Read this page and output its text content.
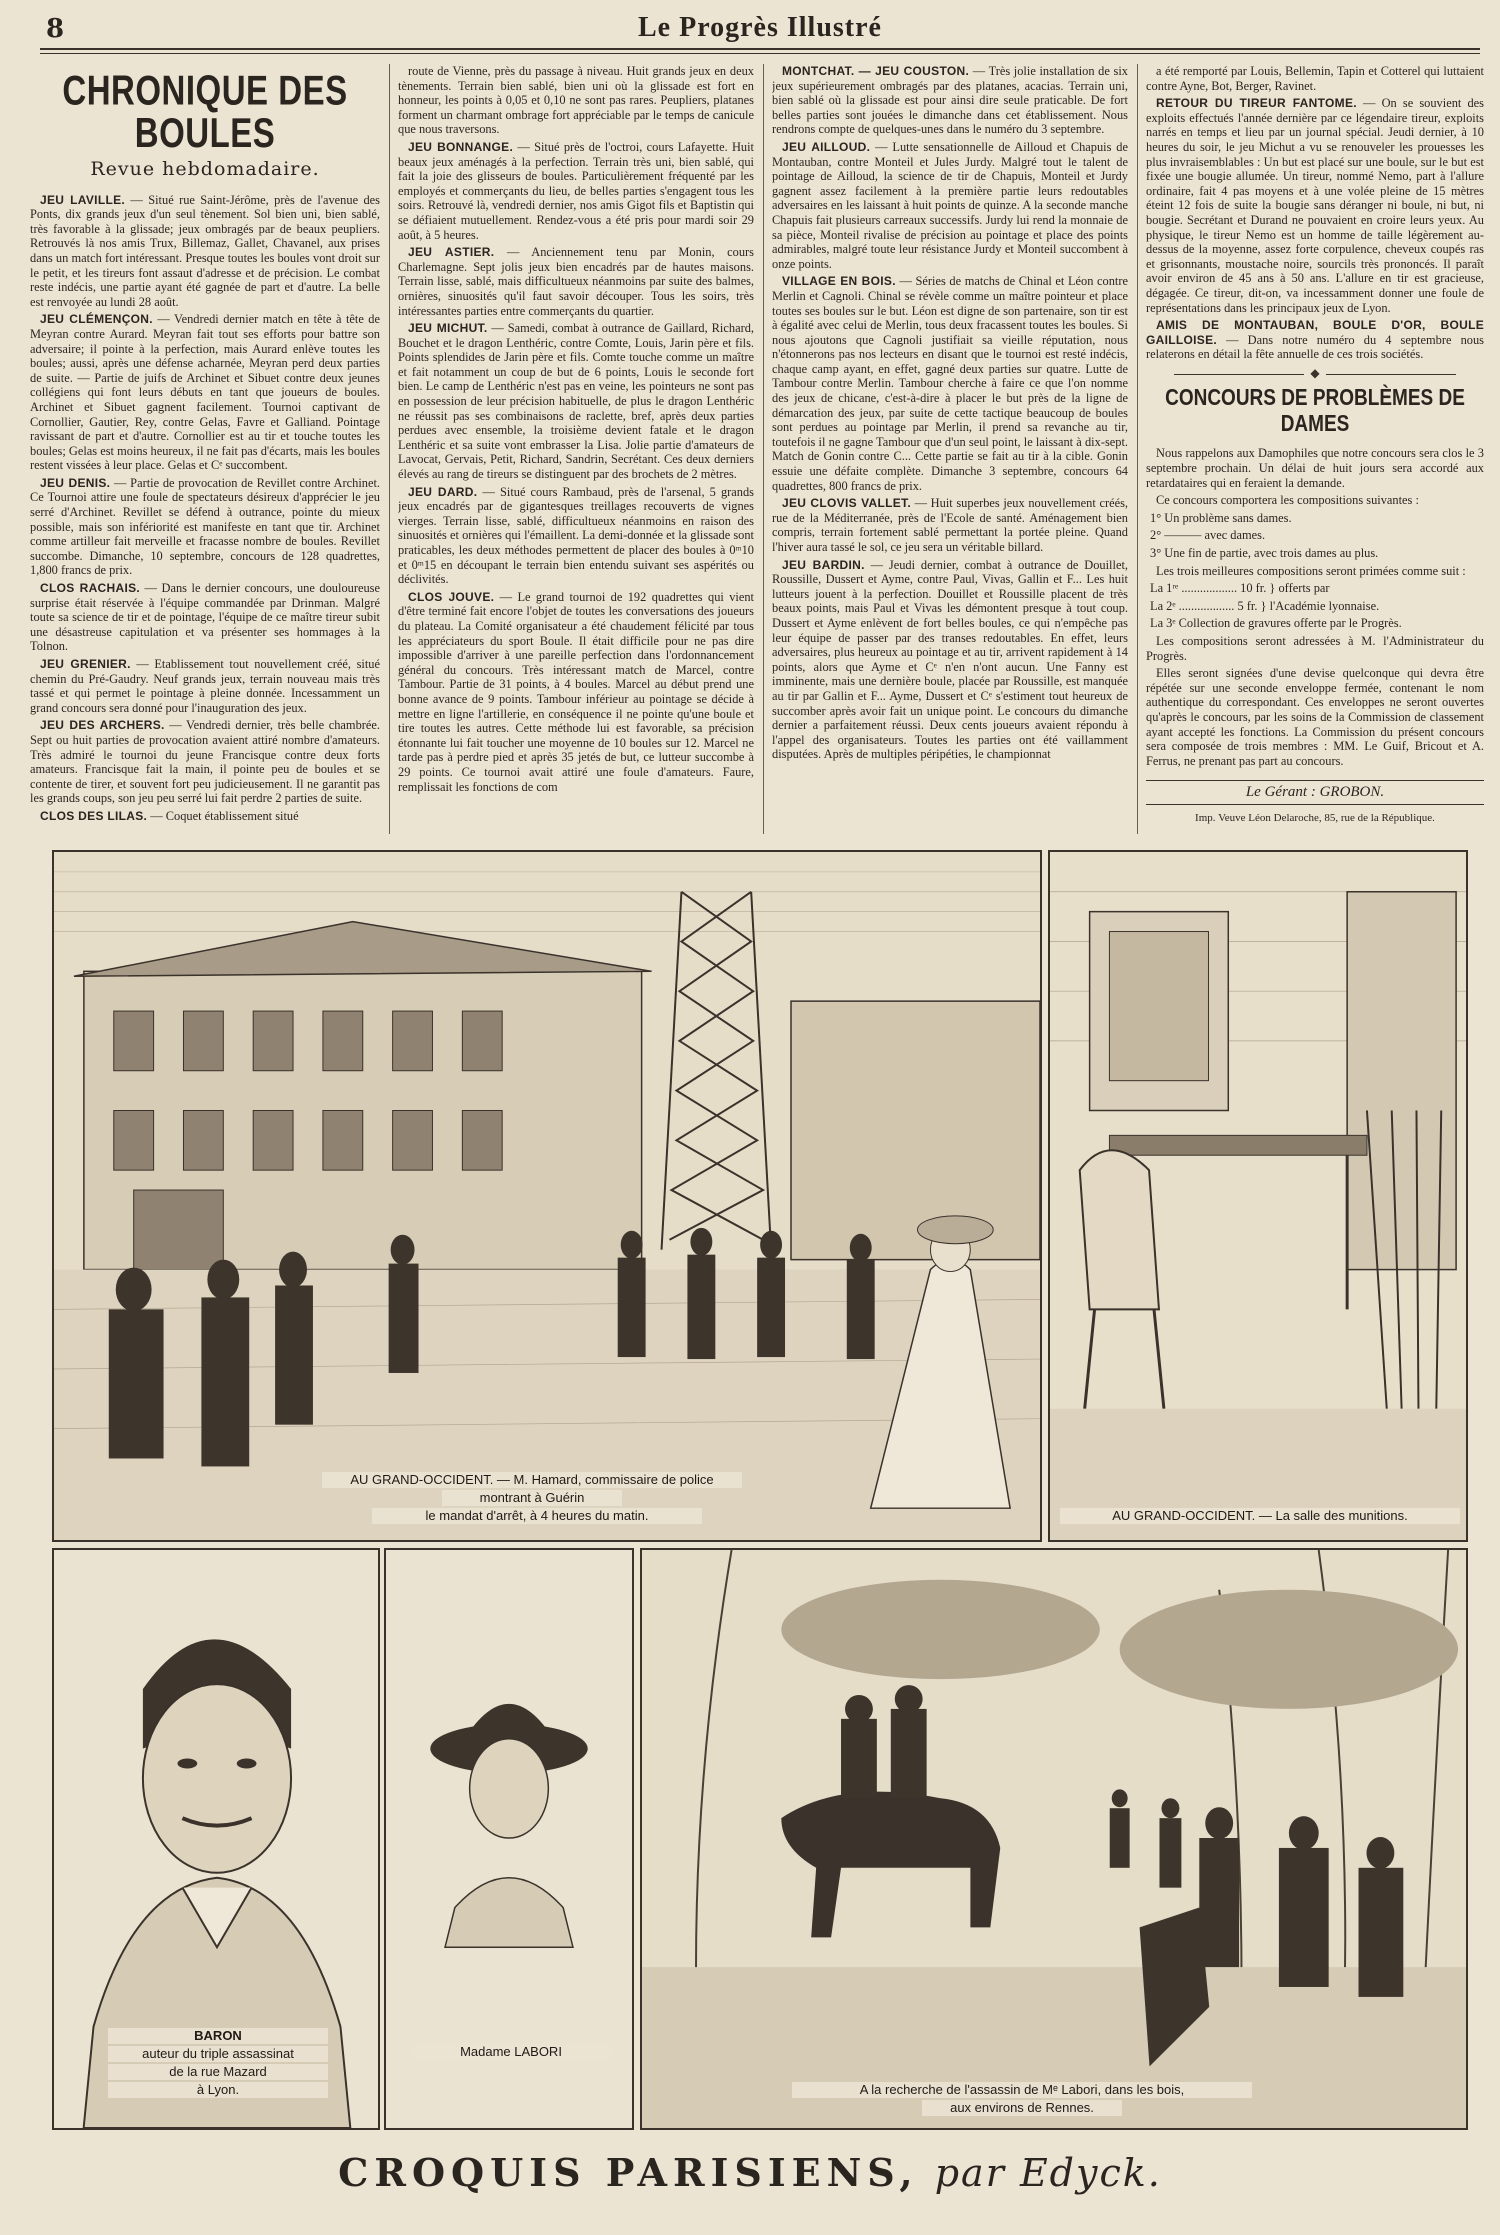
8	Le Progrès Illustré
CHRONIQUE DES BOULES
Revue hebdomadaire.

JEU LAVILLE. — Situé rue Saint-Jérôme, près de l'avenue des Ponts, dix grands jeux d'un seul tènement. Sol bien uni, bien sablé, très favorable à la glissade; jeux ombragés par de beaux peupliers. Retrouvés là nos amis Trux, Billemaz, Gallet, Chavanel, aux prises dans un match fort intéressant. Presque toutes les boules vont droit sur le petit, et les tireurs font assaut d'adresse et de précision. Le combat reste indécis, une partie ayant été gagnée de part et d'autre. La belle est renvoyée au lundi 28 août.

JEU CLÉMENÇON. — Vendredi dernier match en tête à tête de Meyran contre Aurard. Meyran fait tout ses efforts pour battre son adversaire; il pointe à la perfection, mais Aurard enlève toutes les boules; aussi, après une défense acharnée, Meyran perd deux parties de suite. — Partie de juifs de Archinet et Sibuet contre deux jeunes collégiens qui font leurs débuts en tant que joueurs de boules. Archinet et Sibuet gagnent facilement. Tournoi captivant de Cornollier, Gautier, Rey, contre Gelas, Favre et Galliand. Pointage ravissant de part et d'autre. Cornollier est au tir et touche toutes les boules; Gelas est moins heureux, il ne fait pas d'écarts, mais les boules restent vissées à leur place. Gelas et Cᵉ succombent.

JEU DENIS. — Partie de provocation de Revillet contre Archinet. Ce Tournoi attire une foule de spectateurs désireux d'apprécier le jeu serré d'Archinet. Revillet se défend à outrance, pointe du mieux possible, mais son infériorité est manifeste en tant que tir. Archinet comme artilleur fait merveille et fracasse nombre de boules. Revillet succombe. Dimanche, 10 septembre, concours de 128 quadrettes, 1,800 francs de prix.

CLOS RACHAIS. — Dans le dernier concours, une douloureuse surprise était réservée à l'équipe commandée par Drinman. Malgré toute sa science de tir et de pointage, l'équipe de ce maître tireur subit une désastreuse capitulation et va présenter ses hommages à la Tolnon.

JEU GRENIER. — Etablissement tout nouvellement créé, situé chemin du Pré-Gaudry. Neuf grands jeux, terrain nouveau mais très tassé et qui permet le pointage à pleine donnée. Incessamment un grand concours sera donné pour l'inauguration des jeux.

JEU DES ARCHERS. — Vendredi dernier, très belle chambrée. Sept ou huit parties de provocation avaient attiré nombre d'amateurs. Très admiré le tournoi du jeune Francisque contre deux forts amateurs. Francisque fait la main, il pointe peu de boules et se contente de tirer, et souvent fort peu judicieusement. Il ne garantit pas les grands coups, son jeu peu serré lui fait perdre 2 parties de suite.

CLOS DES LILAS. — Coquet établissement situé

route de Vienne, près du passage à niveau. Huit grands jeux en deux tènements. Terrain bien sablé, bien uni où la glissade est fort en honneur, les points à 0,05 et 0,10 ne sont pas rares. Peupliers, platanes forment un charmant ombrage fort appréciable par le temps de canicule que nous traversons.

JEU BONNANGE. — Situé près de l'octroi, cours Lafayette. Huit beaux jeux aménagés à la perfection. Terrain très uni, bien sablé, qui fait la joie des glisseurs de boules. Particulièrement fréquenté par les employés et commerçants du lieu, de belles parties s'engagent tous les soirs. Retrouvé là, vendredi dernier, nos amis Gigot fils et Baptistin qui se défiaient mutuellement. Rendez-vous a été pris pour mardi soir 29 août, à 5 heures.

JEU ASTIER. — Anciennement tenu par Monin, cours Charlemagne. Sept jolis jeux bien encadrés par de hautes maisons. Terrain lisse, sablé, mais difficultueux néanmoins par suite des balmes, ornières, sinuosités qu'il faut savoir découper. Tous les soirs, très intéressantes parties entre commerçants du quartier.

JEU MICHUT. — Samedi, combat à outrance de Gaillard, Richard, Bouchet et le dragon Lenthéric, contre Comte, Louis, Jarin père et fils. Points splendides de Jarin père et fils. Comte touche comme un maître et fait notamment un coup de but de 6 points, Louis le seconde fort bien. Le camp de Lenthéric n'est pas en veine, les pointeurs ne sont pas en possession de leur précision habituelle, de plus le dragon Lenthéric ne réussit pas ses combinaisons de raclette, bref, après deux parties perdues avec ensemble, la troisième devient fatale et le dragon Lenthéric et sa suite vont embrasser la Lisa. Jolie partie d'amateurs de Lavocat, Gervais, Petit, Richard, Sandrin, Secrétant. Ces deux derniers élevés au rang de tireurs se distinguent par des brochets de 2 mètres.

JEU DARD. — Situé cours Rambaud, près de l'arsenal, 5 grands jeux encadrés par de gigantesques treillages recouverts de vignes vierges. Terrain lisse, sablé, difficultueux néanmoins en raison des sinuosités et ornières qui l'émaillent. La demi-donnée et la glissade sont praticables, les deux méthodes permettent de placer des boules à 0ᵐ10 et 0ᵐ15 en découpant le terrain bien entendu suivant ses aspérités ou déclivités.

CLOS JOUVE. — Le grand tournoi de 192 quadrettes qui vient d'être terminé fait encore l'objet de toutes les conversations des joueurs du plateau. La Comité organisateur a été chaudement félicité par tous les appréciateurs du sport Boule. Il était difficile pour ne pas dire impossible d'arriver à une pareille perfection dans l'ordonnancement général du concours. Très intéressant match de Marcel, contre Tambour. Partie de 31 points, à 4 boules. Marcel au début prend une bonne avance de 9 points. Tambour inférieur au pointage se décide à mettre en ligne l'artillerie, en conséquence il ne pointe qu'une boule et tire toutes les autres. Cette méthode lui est favorable, sa précision étonnante lui fait toucher une moyenne de 10 boules sur 12. Marcel ne tarde pas à perdre pied et après 35 jetés de but, ce lutteur succombe à 29 points. Ce tournoi avait attiré une foule d'amateurs. Faure, remplissait les fonctions de com

MONTCHAT. — JEU COUSTON. — Très jolie installation de six jeux supérieurement ombragés par des platanes, acacias. Terrain uni, bien sablé où la glissade est pour ainsi dire seule praticable. De fort belles parties sont jouées le dimanche dans cet établissement. Nous rendrons compte de quelques-unes dans le numéro du 3 septembre.

JEU AILLOUD. — Lutte sensationnelle de Ailloud et Chapuis de Montauban, contre Monteil et Jules Jurdy. Malgré tout le talent de pointage de Ailloud, la science de tir de Chapuis, Monteil et Jurdy gagnent assez facilement à la première partie leurs redoutables adversaires en les laissant à huit points de quinze. A la seconde manche Chapuis fait plusieurs carreaux successifs. Jurdy lui rend la monnaie de sa pièce, Monteil rivalise de précision au pointage et place des points admirables, malgré toute leur résistance Jurdy et Monteil succombent à onze points.

VILLAGE EN BOIS. — Séries de matchs de Chinal et Léon contre Merlin et Cagnoli. Chinal se révèle comme un maître pointeur et place toutes ses boules sur le but. Léon est digne de son partenaire, son tir est à égalité avec celui de Merlin, tous deux fracassent toutes les boules. Si nous ajoutons que Cagnoli justifiait sa vieille réputation, nous n'étonnerons pas nos lecteurs en disant que le tournoi est resté indécis, chaque camp ayant, en effet, gagné deux parties sur quatre. Lutte de Tambour contre Merlin. Tambour cherche à faire ce que l'on nomme des jeux de chicane, c'est-à-dire à placer le but près de la ligne de démarcation des jeux, par suite de cette tactique beaucoup de boules sont perdues au pointage par Merlin, il prend sa revanche au tir, toutefois il ne gagne Tambour que d'un seul point, le laissant à dix-sept. Match de Gonin contre C... Cette partie se fait au tir à la cible. Gonin essuie une défaite complète. Dimanche 3 septembre, concours 64 quadrettes, 800 francs de prix.

JEU CLOVIS VALLET. — Huit superbes jeux nouvellement créés, rue de la Méditerranée, près de l'Ecole de santé. Aménagement bien compris, terrain fortement sablé permettant la portée pleine. Quand l'hiver aura tassé le sol, ce jeu sera un véritable billard.

JEU BARDIN. — Jeudi dernier, combat à outrance de Douillet, Roussille, Dussert et Ayme, contre Paul, Vivas, Gallin et F... Les huit lutteurs jouent à la perfection. Douillet et Roussille placent de très beaux points, mais Paul et Vivas les démontent presque à tout coup. Dussert et Ayme enlèvent de fort belles boules, ce qui n'empêche pas leur équipe de passer par des transes redoutables. En effet, leurs adversaires, plus heureux au pointage et au tir, arrivent rapidement à 14 points, alors que Ayme et Cᵉ n'en n'ont aucun. Une Fanny est imminente, mais une dernière boule, placée par Roussille, est manquée au tir par Gallin et F... Ayme, Dussert et Cᵉ s'estiment tout heureux de succomber après avoir fait un unique point. Le concours du dimanche dernier a parfaitement réussi. Deux cents joueurs avaient répondu à l'appel des organisateurs. Toutes les parties ont été vaillamment disputées. Après de multiples péripéties, le championnat

a été remporté par Louis, Bellemin, Tapin et Cotterel qui luttaient contre Ayne, Bot, Berger, Ravinet.

RETOUR DU TIREUR FANTOME. — On se souvient des exploits effectués l'année dernière par ce légendaire tireur, exploits narrés en temps et lieu par un journal spécial. Jeudi dernier, à 10 heures du soir, le jeu Michut a vu se renouveler les prouesses les plus invraisemblables : Un but est placé sur une boule, sur le but est fixée une bougie allumée. Un tireur, nommé Nemo, part à l'allure ordinaire, fait 4 pas moyens et à une volée pleine de 15 mètres éteint 12 fois de suite la bougie sans déranger ni boule, ni but, ni bougie. Secrétant et Durand ne pouvaient en croire leurs yeux. Au physique, le tireur Nemo est un homme de taille légèrement au-dessus de la moyenne, assez forte corpulence, cheveux coupés ras et grisonnants, moustache noire, sourcils très prononcés. Il paraît avoir environ de 45 ans à 50 ans. L'allure en tir est gracieuse, dégagée. Ce tireur, dit-on, va incessamment donner une foule de représentations dans les principaux jeux de Lyon.

AMIS DE MONTAUBAN, BOULE D'OR, BOULE GAILLOISE. — Dans notre numéro du 4 septembre nous relaterons en détail la fête annuelle de ces trois sociétés.

◆
CONCOURS DE PROBLÈMES DE DAMES

Nous rappelons aux Damophiles que notre concours sera clos le 3 septembre prochain. Un délai de huit jours sera accordé aux retardataires qui en feraient la demande.

Ce concours comportera les compositions suivantes :

1° Un problème sans dames.

2° ——— avec dames.

3° Une fin de partie, avec trois dames au plus.

Les trois meilleures compositions seront primées comme suit :

La 1ʳᵉ .................. 10 fr. } offerts par

La 2ᵉ .................. 5 fr. } l'Académie lyonnaise.

La 3ᵉ Collection de gravures offerte par le Progrès.

Les compositions seront adressées à M. l'Administrateur du Progrès.

Elles seront signées d'une devise quelconque qui devra être répétée sur une seconde enveloppe fermée, contenant le nom authentique du correspondant. Ces enveloppes ne seront ouvertes qu'après le concours, par les soins de la Commission de classement ayant accepté les fonctions. La Commission du présent concours sera composée de trois membres : MM. Le Guif, Bricout et A. Ferrus, ne prenant pas part au concours.

Le Gérant : GROBON.
Imp. Veuve Léon Delaroche, 85, rue de la République.
AU GRAND-OCCIDENT. — M. Hamard, commissaire de police
montrant à Guérin
le mandat d'arrêt, à 4 heures du matin.	AU GRAND-OCCIDENT. — La salle des munitions.
BARON
auteur du triple assassinat
de la rue Mazard
à Lyon.
Madame LABORI
A la recherche de l'assassin de Mᵉ Labori, dans les bois,
aux environs de Rennes.
CROQUIS PARISIENS, par Edyck.
